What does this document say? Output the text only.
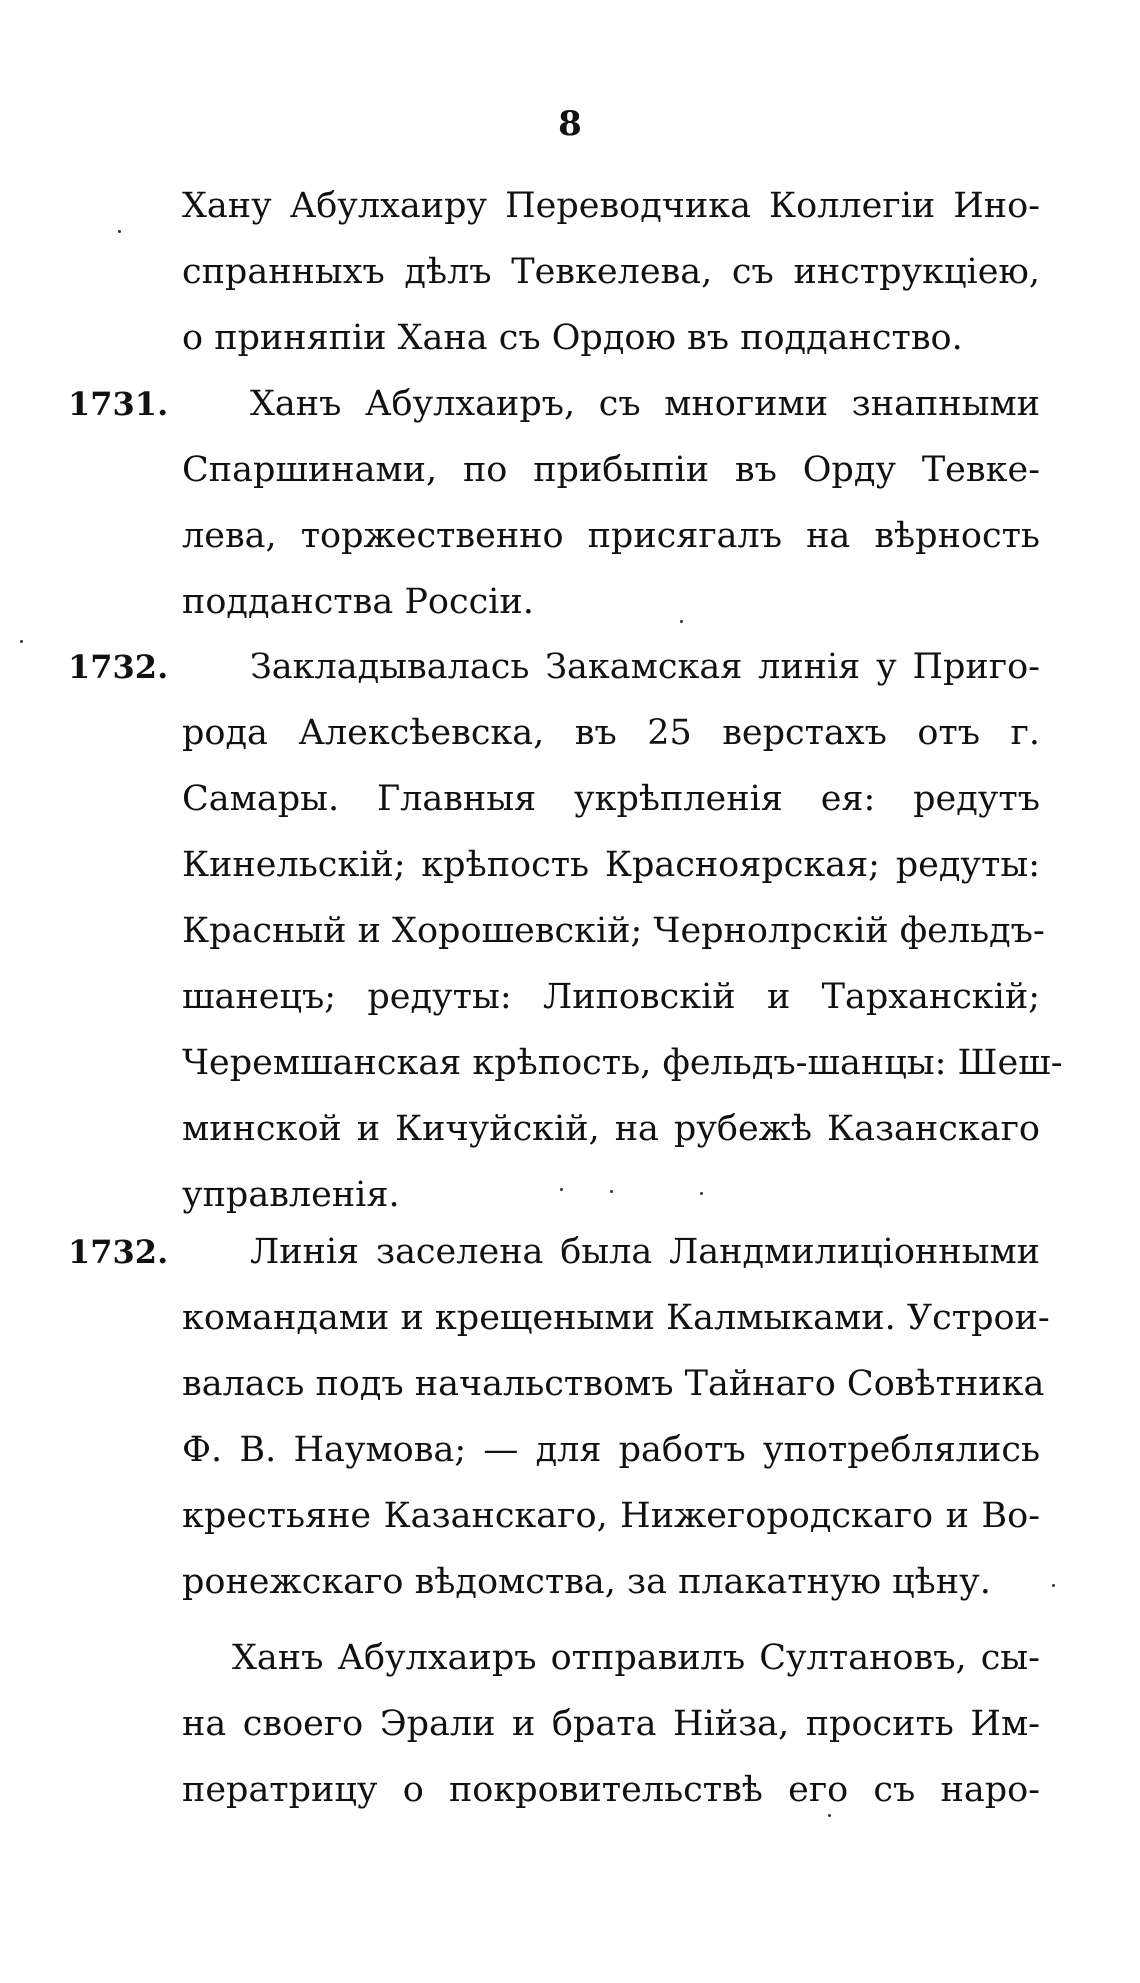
8
1731.
1732.
1732.
Хану Абулхаиру Переводчика Коллегіи Ино-
спранныхъ дѣлъ Тевкелева, съ инструкціею,
о приняпіи Хана съ Ордою въ подданство.
Ханъ Абулхаиръ, съ многими знапными
Спаршинами, по прибыпіи въ Орду Тевке-
лева, торжественно присягалъ на вѣрность
подданства Россіи.
Закладывалась Закамская линія у Приго-
рода Алексѣевска, въ 25 верстахъ отъ г.
Самары. Главныя укрѣпленія ея: редутъ
Кинельскій; крѣпость Красноярская; редуты:
Красный и Хорошевскій; Чернолрскій фельдъ-
шанецъ; редуты: Липовскій и Тарханскій;
Черемшанская крѣпость, фельдъ-шанцы: Шеш-
минской и Кичуйскій, на рубежѣ Казанскаго
управленія.
Линія заселена была Ландмилиціонными
командами и крещеными Калмыками. Устрои-
валась подъ начальствомъ Тайнаго Совѣтника
Ф. В. Наумова; — для работъ употреблялись
крестьяне Казанскаго, Нижегородскаго и Во-
ронежскаго вѣдомства, за плакатную цѣну.
Ханъ Абулхаиръ отправилъ Султановъ, сы-
на своего Эрали и брата Нійза, просить Им-
ператрицу о покровительствѣ его съ наро-
